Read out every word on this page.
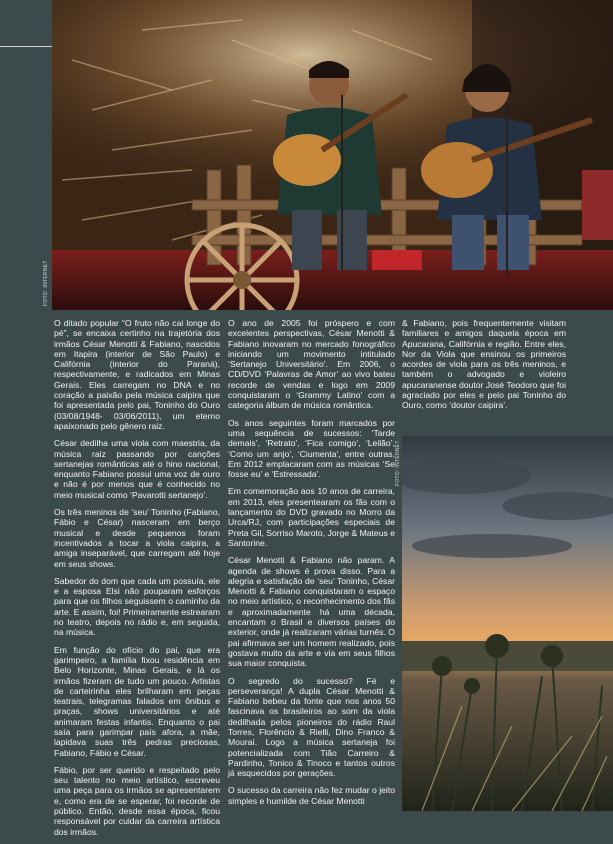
FOTO: INTERNET
FOTO: INTERNET

O ditado popular “O fruto não cai longe do pé”, se encaixa certinho na trajetória dos irmãos César Menotti & Fabiano, nascidos em Itapira (interior de São Paulo) e Califórnia (interior do Paraná), respectivamente, e radicados em Minas Gerais. Eles carregam no DNA e no coração a paixão pela música caipira que foi apresentada pelo pai, Toninho do Ouro (03/08/1948- 03/06/2011), um eterno apaixonado pelo gênero raiz.

César dedilha uma viola com maestria, da música raiz passando por canções sertanejas românticas até o hino nacional, enquanto Fabiano possui uma voz de ouro e não é por menos que é conhecido no meio musical como ‘Pavarotti sertanejo’.

Os três meninos de ‘seu’ Toninho (Fabiano, Fábio e César) nasceram em berço musical e desde pequenos foram incentivados a tocar a viola caipira, a amiga inseparável, que carregam até hoje em seus shows.

Sabedor do dom que cada um possuía, ele e a esposa Elsi não pouparam esforços para que os filhos seguissem o caminho da arte. E assim, foi! Primeiramente estrearam no teatro, depois no rádio e, em seguida, na música.

Em função do ofício do pai, que era garimpeiro, a família fixou residência em Belo Horizonte, Minas Gerais, e lá os irmãos fizeram de tudo um pouco. Artistas de carteirinha eles brilharam em peças teatrais, telegramas falados em ônibus e praças, shows universitários e até animaram festas infantis. Enquanto o pai saía para garimpar país afora, a mãe, lapidava suas três pedras preciosas, Fabiano, Fábio e César.

Fábio, por ser querido e respeitado pelo seu talento no meio artístico, escreveu uma peça para os irmãos se apresentarem e, como era de se esperar, foi recorde de público. Então, desde essa época, ficou responsável por cuidar da carreira artística dos irmãos.

O ano de 2005 foi próspero e com excelentes perspectivas, César Menotti & Fabiano inovaram no mercado fonográfico iniciando um movimento intitulado ‘Sertanejo Universitário’. Em 2006, o CD/DVD ‘Palavras de Amor’ ao vivo bateu recorde de vendas e logo em 2009 conquistaram o ‘Grammy Latino’ com a categoria álbum de música romântica.

Os anos seguintes foram marcados por uma sequência de sucessos: ‘Tarde demais’, ‘Retrato’, ‘Fica comigo’, ‘Leilão’, ‘Como um anjo’, ‘Ciumenta’, entre outras. Em 2012 emplacaram com as músicas ‘Se fosse eu’ e ‘Estressada’.

Em comemoração aos 10 anos de carreira, em 2013, eles presentearam os fãs com o lançamento do DVD gravado no Morro da Urca/RJ, com participações especiais de Preta Gil, Sorriso Maroto, Jorge & Mateus e Santorine.

César Menotti & Fabiano não param. A agenda de shows é prova disso. Para a alegria e satisfação de ‘seu’ Toninho, César Menotti & Fabiano conquistaram o espaço no meio artístico, o reconhecimento dos fãs e aproximadamente há uma década, encantam o Brasil e diversos países do exterior, onde já realizaram várias turnês. O pai afirmava ser um homem realizado, pois gostava muito da arte e via em seus filhos sua maior conquista.

O segredo do sucesso? Fé e perseverança! A dupla César Menotti & Fabiano bebeu da fonte que nos anos 50 fascinava os brasileiros ao som da viola dedilhada pelos pioneiros do rádio Raul Torres, Florêncio & Rielli, Dino Franco & Mouraí. Logo a música sertaneja foi potencializada com Tião Carreiro & Pardinho, Tonico & Tinoco e tantos outros já esquecidos por gerações.

O sucesso da carreira não fez mudar o jeito simples e humilde de César Menotti

& Fabiano, pois frequentemente visitam familiares e amigos daquela época em Apucarana, Califórnia e região. Entre eles, Nor da Viola que ensinou os primeiros acordes de viola para os três meninos, e também o advogado e violeiro apucaranense doutor José Teodoro que foi agraciado por eles e pelo pai Toninho do Ouro, como ‘doutor caipira’.
